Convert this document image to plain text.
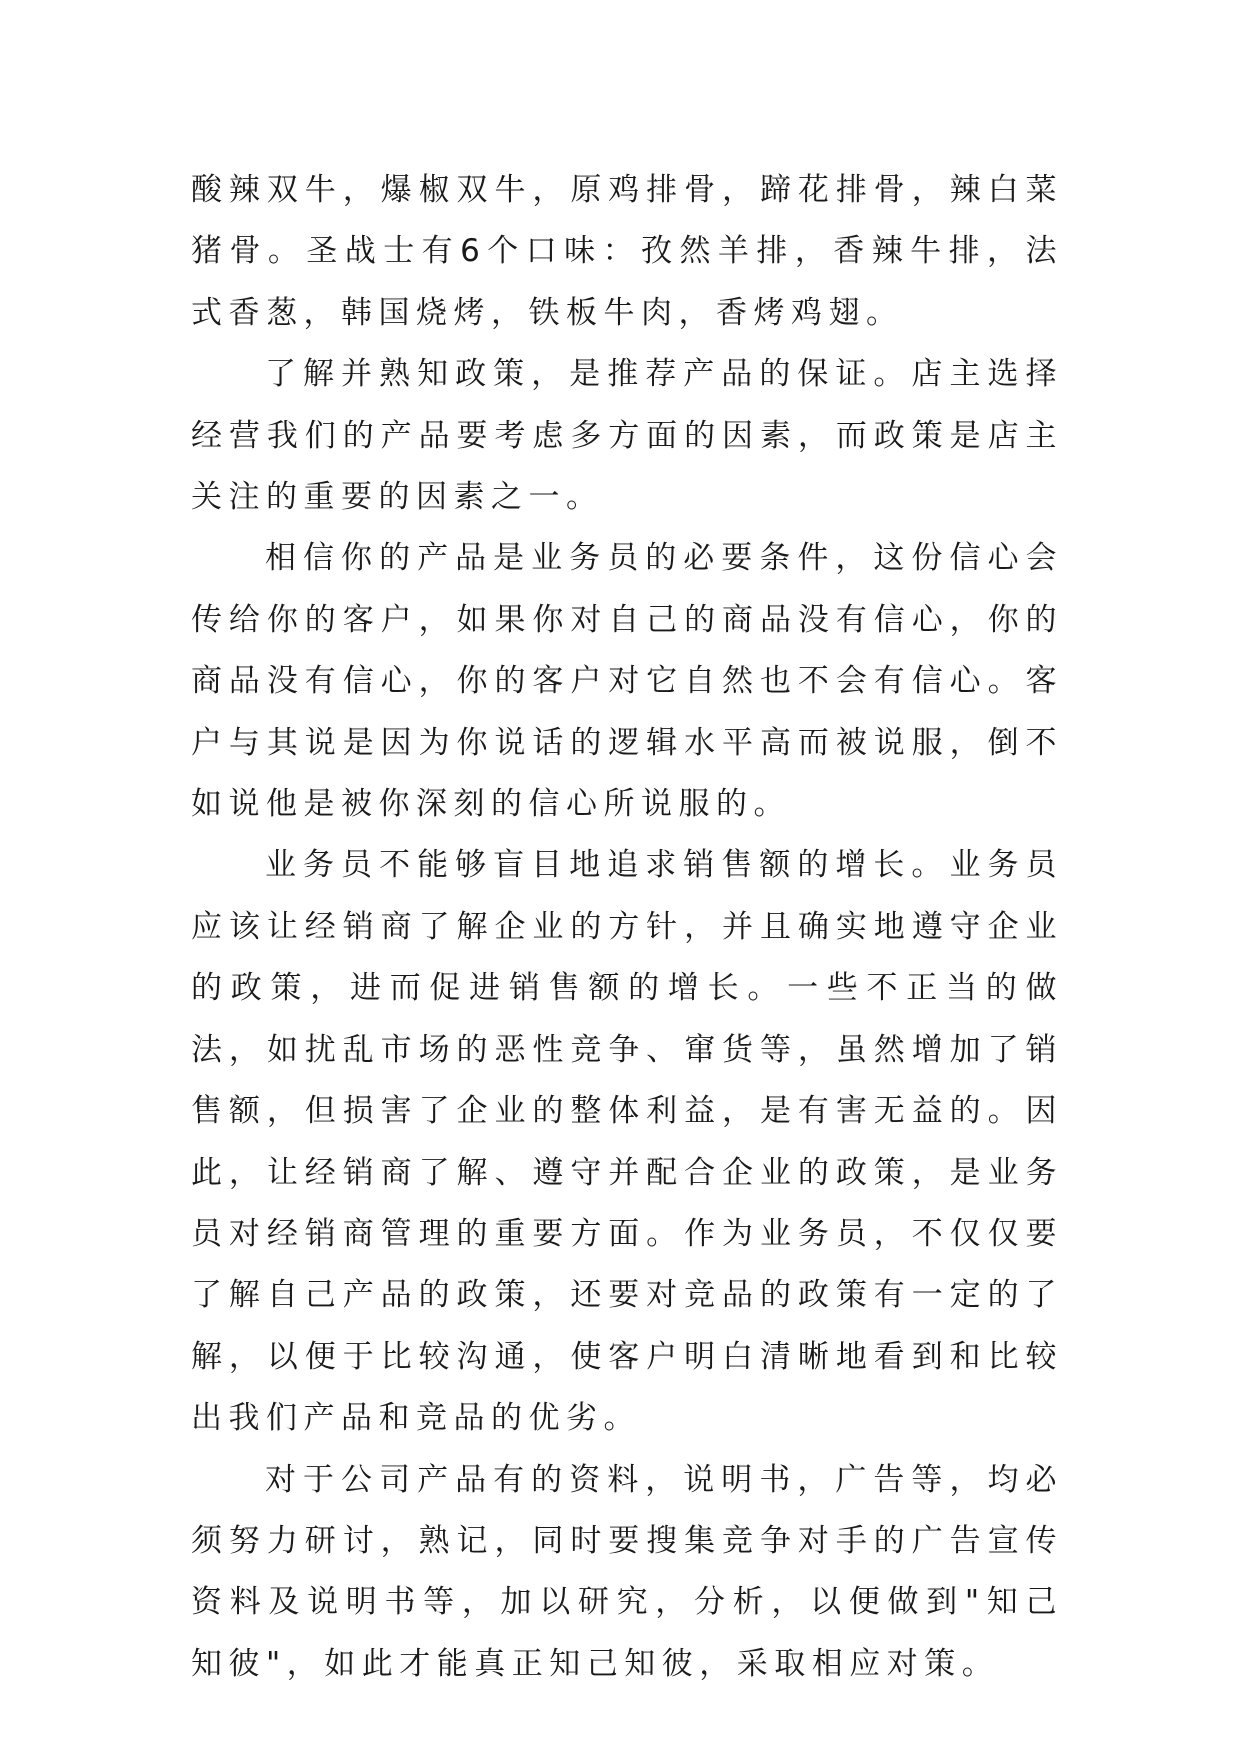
酸辣双牛，爆椒双牛，原鸡排骨，蹄花排骨，辣白菜猪骨。圣战士有6个口味：孜然羊排，香辣牛排，法式香葱，韩国烧烤，铁板牛肉，香烤鸡翅。

了解并熟知政策，是推荐产品的保证。店主选择经营我们的产品要考虑多方面的因素，而政策是店主关注的重要的因素之一。

相信你的产品是业务员的必要条件，这份信心会传给你的客户，如果你对自己的商品没有信心，你的商品没有信心，你的客户对它自然也不会有信心。客户与其说是因为你说话的逻辑水平高而被说服，倒不如说他是被你深刻的信心所说服的。

业务员不能够盲目地追求销售额的增长。业务员应该让经销商了解企业的方针，并且确实地遵守企业的政策，进而促进销售额的增长。一些不正当的做法，如扰乱市场的恶性竞争、窜货等，虽然增加了销售额，但损害了企业的整体利益，是有害无益的。因此，让经销商了解、遵守并配合企业的政策，是业务员对经销商管理的重要方面。作为业务员，不仅仅要了解自己产品的政策，还要对竞品的政策有一定的了解，以便于比较沟通，使客户明白清晰地看到和比较出我们产品和竞品的优劣。

对于公司产品有的资料，说明书，广告等，均必须努力研讨，熟记，同时要搜集竞争对手的广告宣传资料及说明书等，加以研究，分析，以便做到"知己知彼"，如此才能真正知己知彼，采取相应对策。
